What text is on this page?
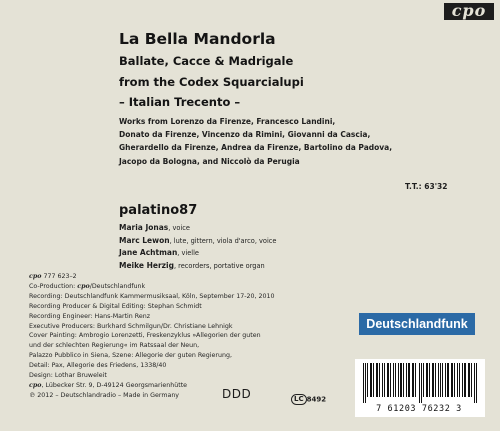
cpo
La Bella Mandorla
Ballate, Cacce & Madrigale
from the Codex Squarcialupi
– Italian Trecento –
Works from Lorenzo da Firenze, Francesco Landini,
Donato da Firenze, Vincenzo da Rimini, Giovanni da Cascia,
Gherardello da Firenze, Andrea da Firenze, Bartolino da Padova,
Jacopo da Bologna, and Niccolò da Perugia
T.T.: 63'32
palatino87
Maria Jonas, voice
Marc Lewon, lute, gittern, viola d'arco, voice
Jane Achtman, vielle
Meike Herzig, recorders, portative organ
cpo 777 623–2
Co-Production: cpo/Deutschlandfunk
Recording: Deutschlandfunk Kammermusiksaal, Köln, September 17-20, 2010
Recording Producer & Digital Editing: Stephan Schmidt
Recording Engineer: Hans-Martin Renz
Executive Producers: Burkhard Schmilgun/Dr. Christiane Lehnigk
Cover Painting: Ambrogio Lorenzetti, Freskenzyklus »Allegorien der guten
und der schlechten Regierung« im Ratssaal der Neun,
Palazzo Pubblico in Siena, Szene: Allegorie der guten Regierung,
Detail: Pax, Allegorie des Friedens, 1338/40
Design: Lothar Bruweleit
cpo, Lübecker Str. 9, D-49124 Georgsmarienhütte
℗ 2012 – Deutschlandradio – Made in Germany
Deutschlandfunk
DDD	LC 8492
7 61203 76232 3
